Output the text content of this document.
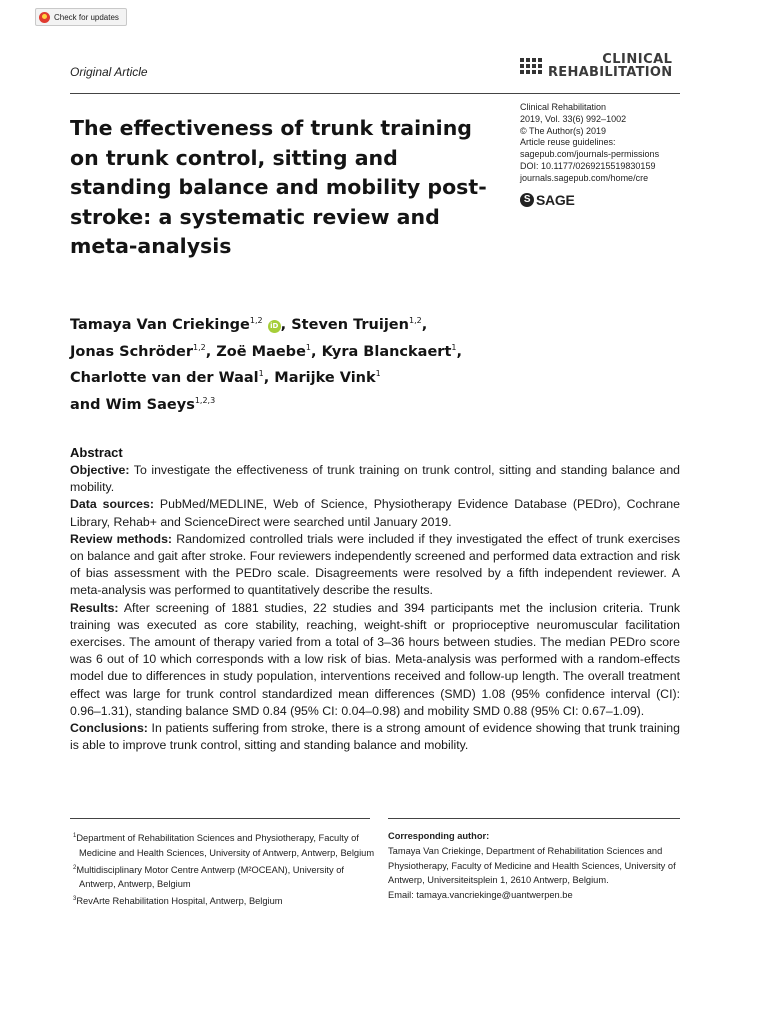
Check for updates
Original Article
CLINICAL
REHABILITATION
Clinical Rehabilitation
2019, Vol. 33(6) 992–1002
© The Author(s) 2019
Article reuse guidelines:
sagepub.com/journals-permissions
DOI: 10.1177/0269215519830159
journals.sagepub.com/home/cre
S SAGE
The effectiveness of trunk training on trunk control, sitting and standing balance and mobility post-stroke: a systematic review and meta-analysis
Tamaya Van Criekinge$^{1,2}$ iD , Steven Truijen$^{1,2}$,
Jonas Schröder$^{1,2}$, Zoë Maebe$^1$, Kyra Blanckaert$^1$,
Charlotte van der Waal$^1$, Marijke Vink$^1$
and Wim Saeys$^{1,2,3}$
Abstract

Objective: To investigate the effectiveness of trunk training on trunk control, sitting and standing balance and mobility.

Data sources: PubMed/MEDLINE, Web of Science, Physiotherapy Evidence Database (PEDro), Cochrane Library, Rehab+ and ScienceDirect were searched until January 2019.

Review methods: Randomized controlled trials were included if they investigated the effect of trunk exercises on balance and gait after stroke. Four reviewers independently screened and performed data extraction and risk of bias assessment with the PEDro scale. Disagreements were resolved by a fifth independent reviewer. A meta-analysis was performed to quantitatively describe the results.

Results: After screening of 1881 studies, 22 studies and 394 participants met the inclusion criteria. Trunk training was executed as core stability, reaching, weight-shift or proprioceptive neuromuscular facilitation exercises. The amount of therapy varied from a total of 3–36 hours between studies. The median PEDro score was 6 out of 10 which corresponds with a low risk of bias. Meta-analysis was performed with a random-effects model due to differences in study population, interventions received and follow-up length. The overall treatment effect was large for trunk control standardized mean differences (SMD) 1.08 (95% confidence interval (CI): 0.96–1.31), standing balance SMD 0.84 (95% CI: 0.04–0.98) and mobility SMD 0.88 (95% CI: 0.67–1.09).

Conclusions: In patients suffering from stroke, there is a strong amount of evidence showing that trunk training is able to improve trunk control, sitting and standing balance and mobility.

$^1$Department of Rehabilitation Sciences and Physiotherapy, Faculty of Medicine and Health Sciences, University of Antwerp, Antwerp, Belgium
$^2$Multidisciplinary Motor Centre Antwerp (M²OCEAN), University of Antwerp, Antwerp, Belgium
$^3$RevArte Rehabilitation Hospital, Antwerp, Belgium
Corresponding author:
Tamaya Van Criekinge, Department of Rehabilitation Sciences and Physiotherapy, Faculty of Medicine and Health Sciences, University of Antwerp, Universiteitsplein 1, 2610 Antwerp, Belgium.
Email: tamaya.vancriekinge@uantwerpen.be
